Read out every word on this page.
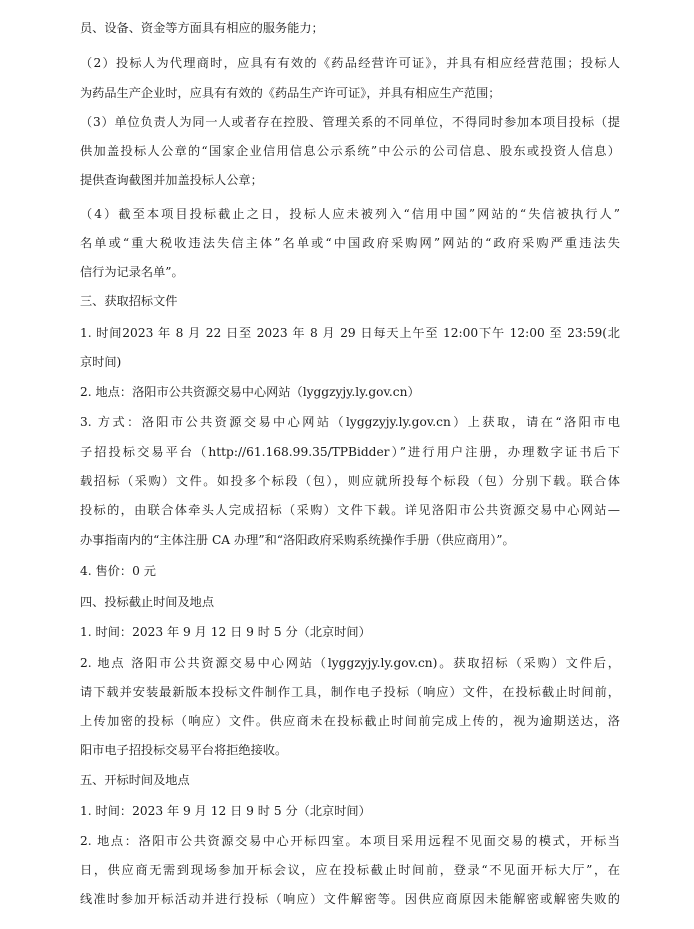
员、设备、资金等方面具有相应的服务能力；
（2）投标人为代理商时，应具有有效的《药品经营许可证》，并具有相应经营范围；投标人
为药品生产企业时，应具有有效的《药品生产许可证》，并具有相应生产范围；
（3）单位负责人为同一人或者存在控股、管理关系的不同单位，不得同时参加本项目投标（提
供加盖投标人公章的“国家企业信用信息公示系统”中公示的公司信息、股东或投资人信息）
提供查询截图并加盖投标人公章；
（4）截至本项目投标截止之日，投标人应未被列入“信用中国”网站的“失信被执行人”
名单或“重大税收违法失信主体”名单或“中国政府采购网”网站的“政府采购严重违法失
信行为记录名单”。
三、获取招标文件
1. 时间2023 年 8 月 22 日至 2023 年 8 月 29 日每天上午至 12:00下午 12:00 至 23:59(北
京时间)
2. 地点：洛阳市公共资源交易中心网站（lyggzyjy.ly.gov.cn）
3. 方式：洛阳市公共资源交易中心网站（lyggzyjy.ly.gov.cn）上获取，请在“洛阳市电
子招投标交易平台（http://61.168.99.35/TPBidder）”进行用户注册，办理数字证书后下
载招标（采购）文件。如投多个标段（包），则应就所投每个标段（包）分别下载。联合体
投标的，由联合体牵头人完成招标（采购）文件下载。详见洛阳市公共资源交易中心网站—
办事指南内的“主体注册 CA 办理”和“洛阳政府采购系统操作手册（供应商用）”。
4. 售价：0 元
四、投标截止时间及地点
1. 时间：2023 年 9 月 12 日 9 时 5 分（北京时间）
2. 地点 洛阳市公共资源交易中心网站（lyggzyjy.ly.gov.cn)。获取招标（采购）文件后，
请下载并安装最新版本投标文件制作工具，制作电子投标（响应）文件，在投标截止时间前，
上传加密的投标（响应）文件。供应商未在投标截止时间前完成上传的，视为逾期送达，洛
阳市电子招投标交易平台将拒绝接收。
五、开标时间及地点
1. 时间：2023 年 9 月 12 日 9 时 5 分（北京时间）
2. 地点：洛阳市公共资源交易中心开标四室。本项目采用远程不见面交易的模式，开标当
日，供应商无需到现场参加开标会议，应在投标截止时间前，登录“不见面开标大厅”，在
线准时参加开标活动并进行投标（响应）文件解密等。因供应商原因未能解密或解密失败的
